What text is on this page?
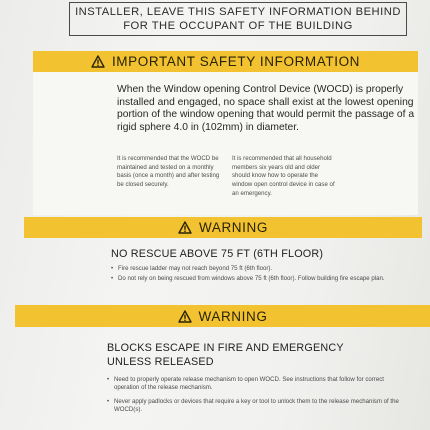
INSTALLER, LEAVE THIS SAFETY INFORMATION BEHIND
FOR THE OCCUPANT OF THE BUILDING
IMPORTANT SAFETY INFORMATION
When the Window opening Control Device (WOCD) is properly installed and engaged, no space shall exist at the lowest opening portion of the window opening that would permit the passage of a rigid sphere 4.0 in (102mm) in diameter.
It is recommended that the WOCD be maintained and tested on a monthly basis (once a month) and after testing be closed securely.
It is recommended that all household members six years old and older should know how to operate the window open control device in case of an emergency.
WARNING
NO RESCUE ABOVE 75 FT (6TH FLOOR)
• Fire rescue ladder may not reach beyond 75 ft (6th floor).
• Do not rely on being rescued from windows above 75 ft (6th floor). Follow building fire escape plan.
WARNING
BLOCKS ESCAPE IN FIRE AND EMERGENCY
UNLESS RELEASED
• Need to properly operate release mechanism to open WOCD. See instructions that follow for correct operation of the release mechanism.
• Never apply padlocks or devices that require a key or tool to unlock them to the release mechanism of the WOCD(s).
